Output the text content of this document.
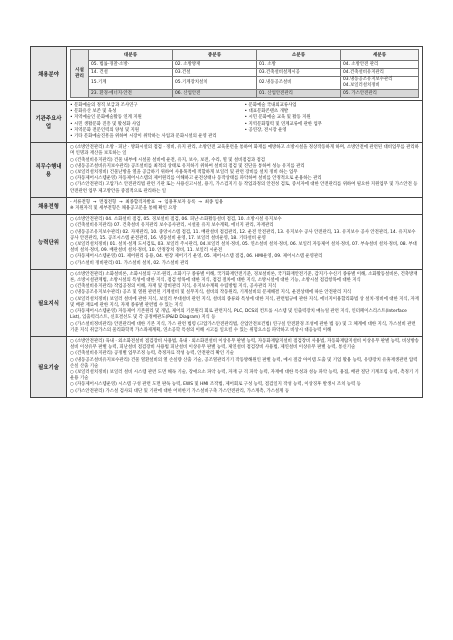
채용분야	
시설
관리	대분류	중분류	소분류	세분류
05. 법률·경찰·소방·	02. 소방방재	01. 소방	04. 소방안전 관리
14. 건설	03.건설	03.건축설비설계시공	04.건축설비유지관리
15.기계	05.기계장치설치	02.냉동공조설비	03.냉동공조유지보수관리
04.보일러설치정비
23. 환경·에너지·안전	06. 산업안전	01. 산업안전관리	05. 가스안전관리

기관주요사업	
• 문화예술의 정직 보급과 조사연구
• 문화유산 보존 및 육성
• 지역예술인 문화예술활동 연계 지원
• 시민 생활문화 진흥 및 활성화 사업
• 지역문화 전문인력의 양성 및 지원
• 문화예술 국내외교류사업
• 대표문화콘텐츠 개발
• 시민 문화예술 교육 및 활동 지원
• 지역문화협력 및 연계교류에 관한 업무
• 공연장, 전시장 운영
• 기타 문화예술진흥을 위하여 시장이 위탁하는 사업과 문화시설의 운영 관리

직무수행내용	○ (소방안전관리) 소방 · 피난 · 방화시설의 점검 · 정비, 유지 관리, 소방안전 교육훈련을 통하여 화재를 예방하고 소방시설을 정상작동하게 하며, 소방안전에 관련된 대비업무를 관리하며 인명과 재산을 보호하는 일
○ (건축설비유지관리) 건물 내부에 시설물 설비에 운전, 유지, 보수, 보전, 수리, 열 및 설비점검과 점검
○ (냉동공조설비유지보수관리) 공조설비를 최적의 상태로 유지하기 위하여 설비의 점검 및 진단을 통하여 성능 유지를 관리
○ (보일러설치정비) 건물난방을 열을 공급하기 위하여 사용목적에 적합하게 보일러 및 관련 장비를 설치 정비 하는 업무
○ (자동제어시스템운영) 자동제어시스템의 제어원리를 이해하고 운전상태나 동작상태를 파악하여 설비를 안정적으로 운용하는 관리
○ (가스안전관리) 고압가스 안전관리법 관련 기관 또는 사용신고시설, 용기, 가스검지기 등 작업과정의 안전성 검토, 증서자에 대한 안전관리를 위하여 필요한 지원업무 및 가스안전 등 안전관련 업무 제고방안을 중점적으로 관리하는 일
채용전형	
- 서류전형  →  면접전형  →  최종합격자발표  →  임용후보자 등록  →  최종 임용
※ 지원자격 및 세부전형은 채용공고문을 통해 확인 요망

능력단위	○ (소방안전관리) 04. 소화설비 점검, 05. 경보설비 점검, 06. 피난·소화활동설비 점검, 10. 소방시설 유지보수
○ (건축설비유지관리) 07. 건축설비 유지관리 보수공사관리, 시설물 유지 보수계획, 에너지 관리, 자재관리
○ (냉동공조유지보수관리) 02. 자재관리, 10. 중앙시스템 점검, 11. 배관설비 점검관리, 12. 운전 안전관리, 13. 유지보수 공사 안전관리, 13. 유지보수 공사 안전관리, 14. 유지보수 공사 안전관리, 15. 공조시스템 운전관리, 16. 냉동설비 운영, 17. 보일러 설비운영, 18. 기타설비 운영
○ (보일러설치정비) 01. 설치·설계 도서검토, 03. 보일러 주시관리, 04.보일러 설치·정비, 05. 연소설비 설치·정비, 06. 보일러 자동제어 설치·정비, 07. 부속설비 설치·정비, 08. 부대설비 설치·정비, 09. 배관설비 설치·정비, 10. 안정장치 정비, 11. 보일러 시운전
○ (자동제어시스템운영) 01. 제어원리 응용, 04. 현장 제어기기 운영, 05. 제어시스템 점검, 06. HMI운영, 09. 제어시스템 운영관리
○ (가스설비 정비관리) 01. 가스설비 설치, 02. 가스설비 관리
필요지식	○ (소방안전관리) 소화설비론, 소화시설의 구조·원리, 소화기구 종류별 이해, 국가화재안전기준, 경보설비론, 국가화재안전기준, 감지기·수신기 종류별 이해, 소화활동설비론, 건축방재론, 소방시설관계법, 소방시설의 특성에 대한 지식, 점검 항목에 대한 지식, 점검 절차에 대한 지식, 소방시설에 대한 기능, 소방시설 점검항목에 대한 지식
○ (건축설비유지관리) 작업공정의 이해, 자재 및 장비관리 지식, 유지보수계획 수립방법 지식, 공사관리 지식
○ (냉동공조유지보수관리) 공조 및 열원 관련된 기계설비 및 실무지식, 설비의 작동원리, 기계설비의 문제해결 지식, 운전상태에 따른 안전관리 지식
○ (보일러설치정비) 보일러 설비에 관한 지식, 보일러 부대설비 관련 지식, 설비의 종류와 특성에 대한 지식, 관련법규에 관한 지식, 에너지이용합리화법 상 설치·정비에 대한 지식, 자재 및 배관 재료에 관한 지식, 자재 종류별 관련법 수 있는 지식
○ (자동제어시스템운영) 자동제어 기본원리 및 개념, 제어의 기본원리 회로 관련지식, PLC, DCS외 컨트롤 시스템 및 인출력장치 매뉴얼 관련 지식, 인터페이스리스트(Interface List), 입출력리스트, 신호결선도 및 각 공정배관도(P&ID Diagram) 지식 등
○ (가스설비정비관리) 안전관리에 대한 기본 지식, 가스 관련 법령 (고압가스안전관리법, 산업안전보건법) 연구실 안전환경 조성에 관한 법 등) 및 그 체계에 대한 지식, 가스설비 관련 기준 지식 취급가스의 물리화학적 가스좌제계획, 연소공학 특성의 이해 시고를 일으킬 수 있는 위험요소를 파악하고 비상시 대응능력 이해
필요기술	○ (소방안전관리) 육내 · 외소화전설비 점검장비 사용법, 육내 · 외소화전설비 이상유무 판별 능력, 자동화재탐지설비 점검장비 사용법, 자동화재탐지설비 이상유무 판별 능력, 비상방송설비 이상유무 판별 능력, 피난설비 점검장비 사용법 피난설비 이상유무 판별 능력, 제연설비 점검장비 사용법, 제연설비 이상유무 판별 능력, 통신기술
○ (건축설비유지관리) 공정별 업무조정 능력, 측정자료 작성 능력, 안전관리 확인 기술
○ (냉동공조설비유지보수관리) 건물 열환설비의 열 손실량 산출 기술, 공조열관리기기 작동방해원인 판별 능력, 예시 절감 아이템 도출 및 기업 활용 능력, 유량장치 유휴재생관련 압력손실 산출 기술
○ (보일러설치정비) 보일러 설비 시스템 관련 도면 해독 기술, 장애요소 파악 능력, 자재 규 격 파악 능력, 자재에 대한 특성과 성능 파악 능력, 용접, 배관 절단 기계조립 능력, 측정기 기 운용 기술
○ (자동제어시스템운영) 시스템 구성 관련 도면 판독 능력, EWS 및 HMI 조작법, 제어회로 구성 능력, 점검일지 작성 능력, 이상징후 발생시 조치 능력 등
○ (가스안전관리) 가스설 검사되 대단 및 기관에 대한 어떠한기 가스설비구축 가스안전관리, 가스계측, 가스설계 등
